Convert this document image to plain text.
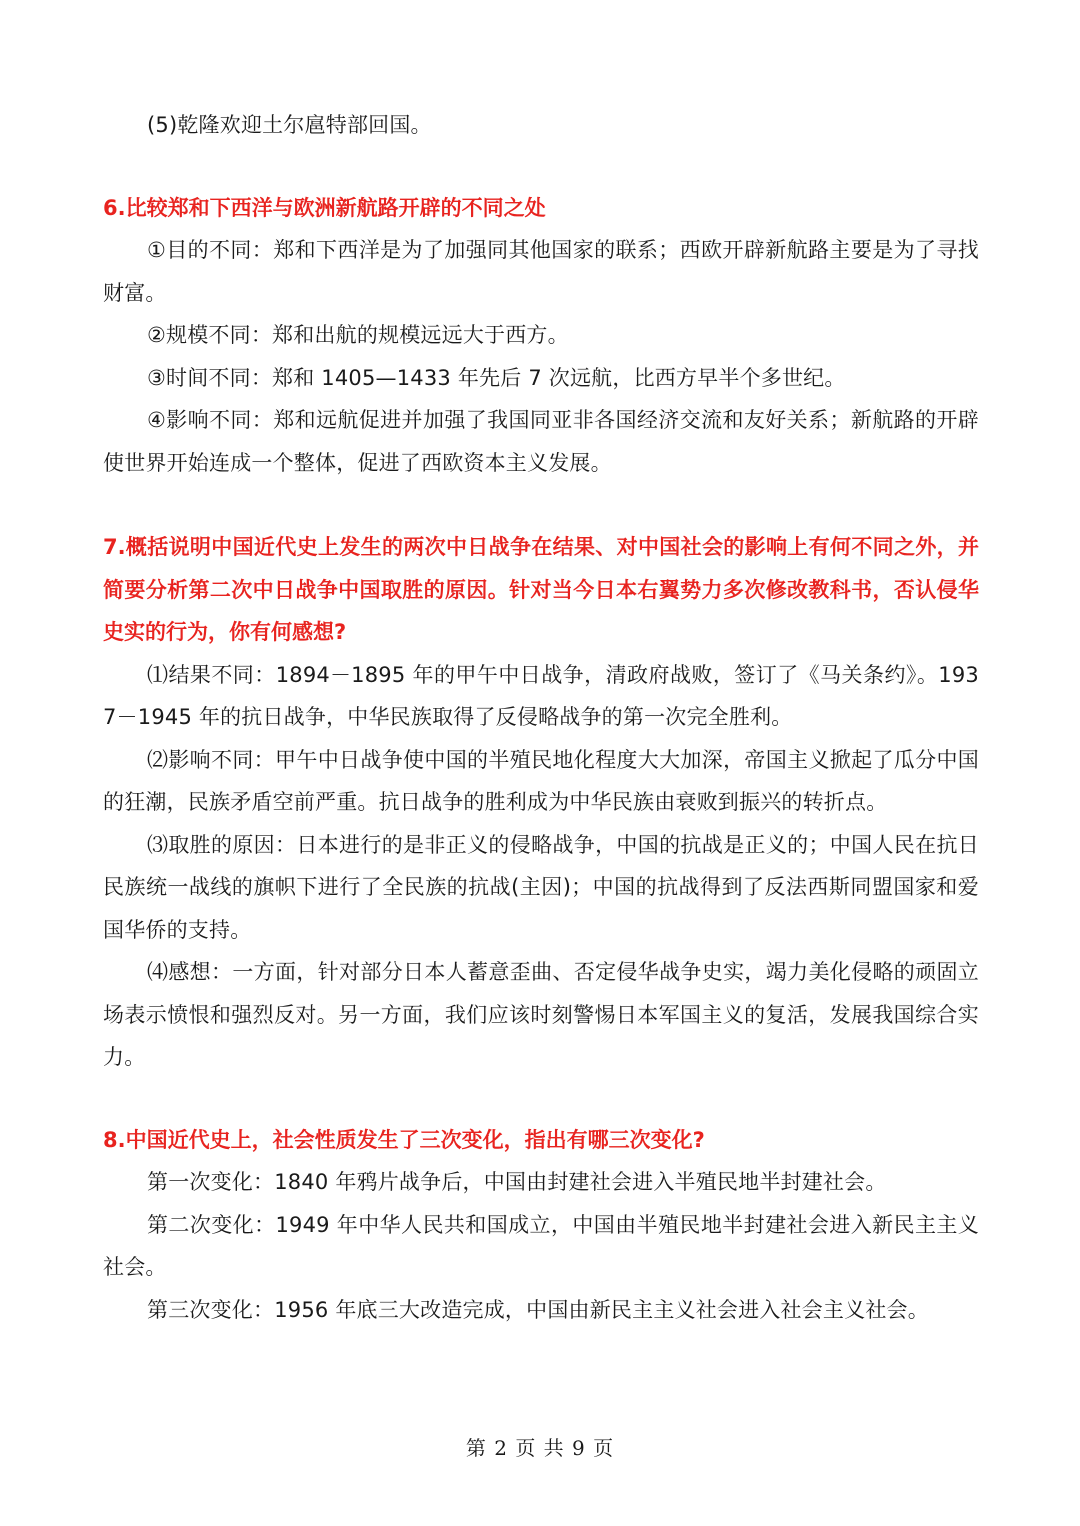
(5)乾隆欢迎土尔扈特部回国。

6.比较郑和下西洋与欧洲新航路开辟的不同之处

①目的不同：郑和下西洋是为了加强同其他国家的联系；西欧开辟新航路主要是为了寻找财富。

②规模不同：郑和出航的规模远远大于西方。

③时间不同：郑和 1405—1433 年先后 7 次远航，比西方早半个多世纪。

④影响不同：郑和远航促进并加强了我国同亚非各国经济交流和友好关系；新航路的开辟使世界开始连成一个整体，促进了西欧资本主义发展。

7.概括说明中国近代史上发生的两次中日战争在结果、对中国社会的影响上有何不同之外，并简要分析第二次中日战争中国取胜的原因。针对当今日本右翼势力多次修改教科书，否认侵华史实的行为，你有何感想?

⑴结果不同：1894－1895 年的甲午中日战争，清政府战败，签订了《马关条约》。1937－1945 年的抗日战争，中华民族取得了反侵略战争的第一次完全胜利。

⑵影响不同：甲午中日战争使中国的半殖民地化程度大大加深，帝国主义掀起了瓜分中国的狂潮，民族矛盾空前严重。抗日战争的胜利成为中华民族由衰败到振兴的转折点。

⑶取胜的原因：日本进行的是非正义的侵略战争，中国的抗战是正义的；中国人民在抗日民族统一战线的旗帜下进行了全民族的抗战(主因)；中国的抗战得到了反法西斯同盟国家和爱国华侨的支持。

⑷感想：一方面，针对部分日本人蓄意歪曲、否定侵华战争史实，竭力美化侵略的顽固立场表示愤恨和强烈反对。另一方面，我们应该时刻警惕日本军国主义的复活，发展我国综合实力。

8.中国近代史上，社会性质发生了三次变化，指出有哪三次变化?

第一次变化：1840 年鸦片战争后，中国由封建社会进入半殖民地半封建社会。

第二次变化：1949 年中华人民共和国成立，中国由半殖民地半封建社会进入新民主主义社会。

第三次变化：1956 年底三大改造完成，中国由新民主主义社会进入社会主义社会。

第 2 页 共 9 页
